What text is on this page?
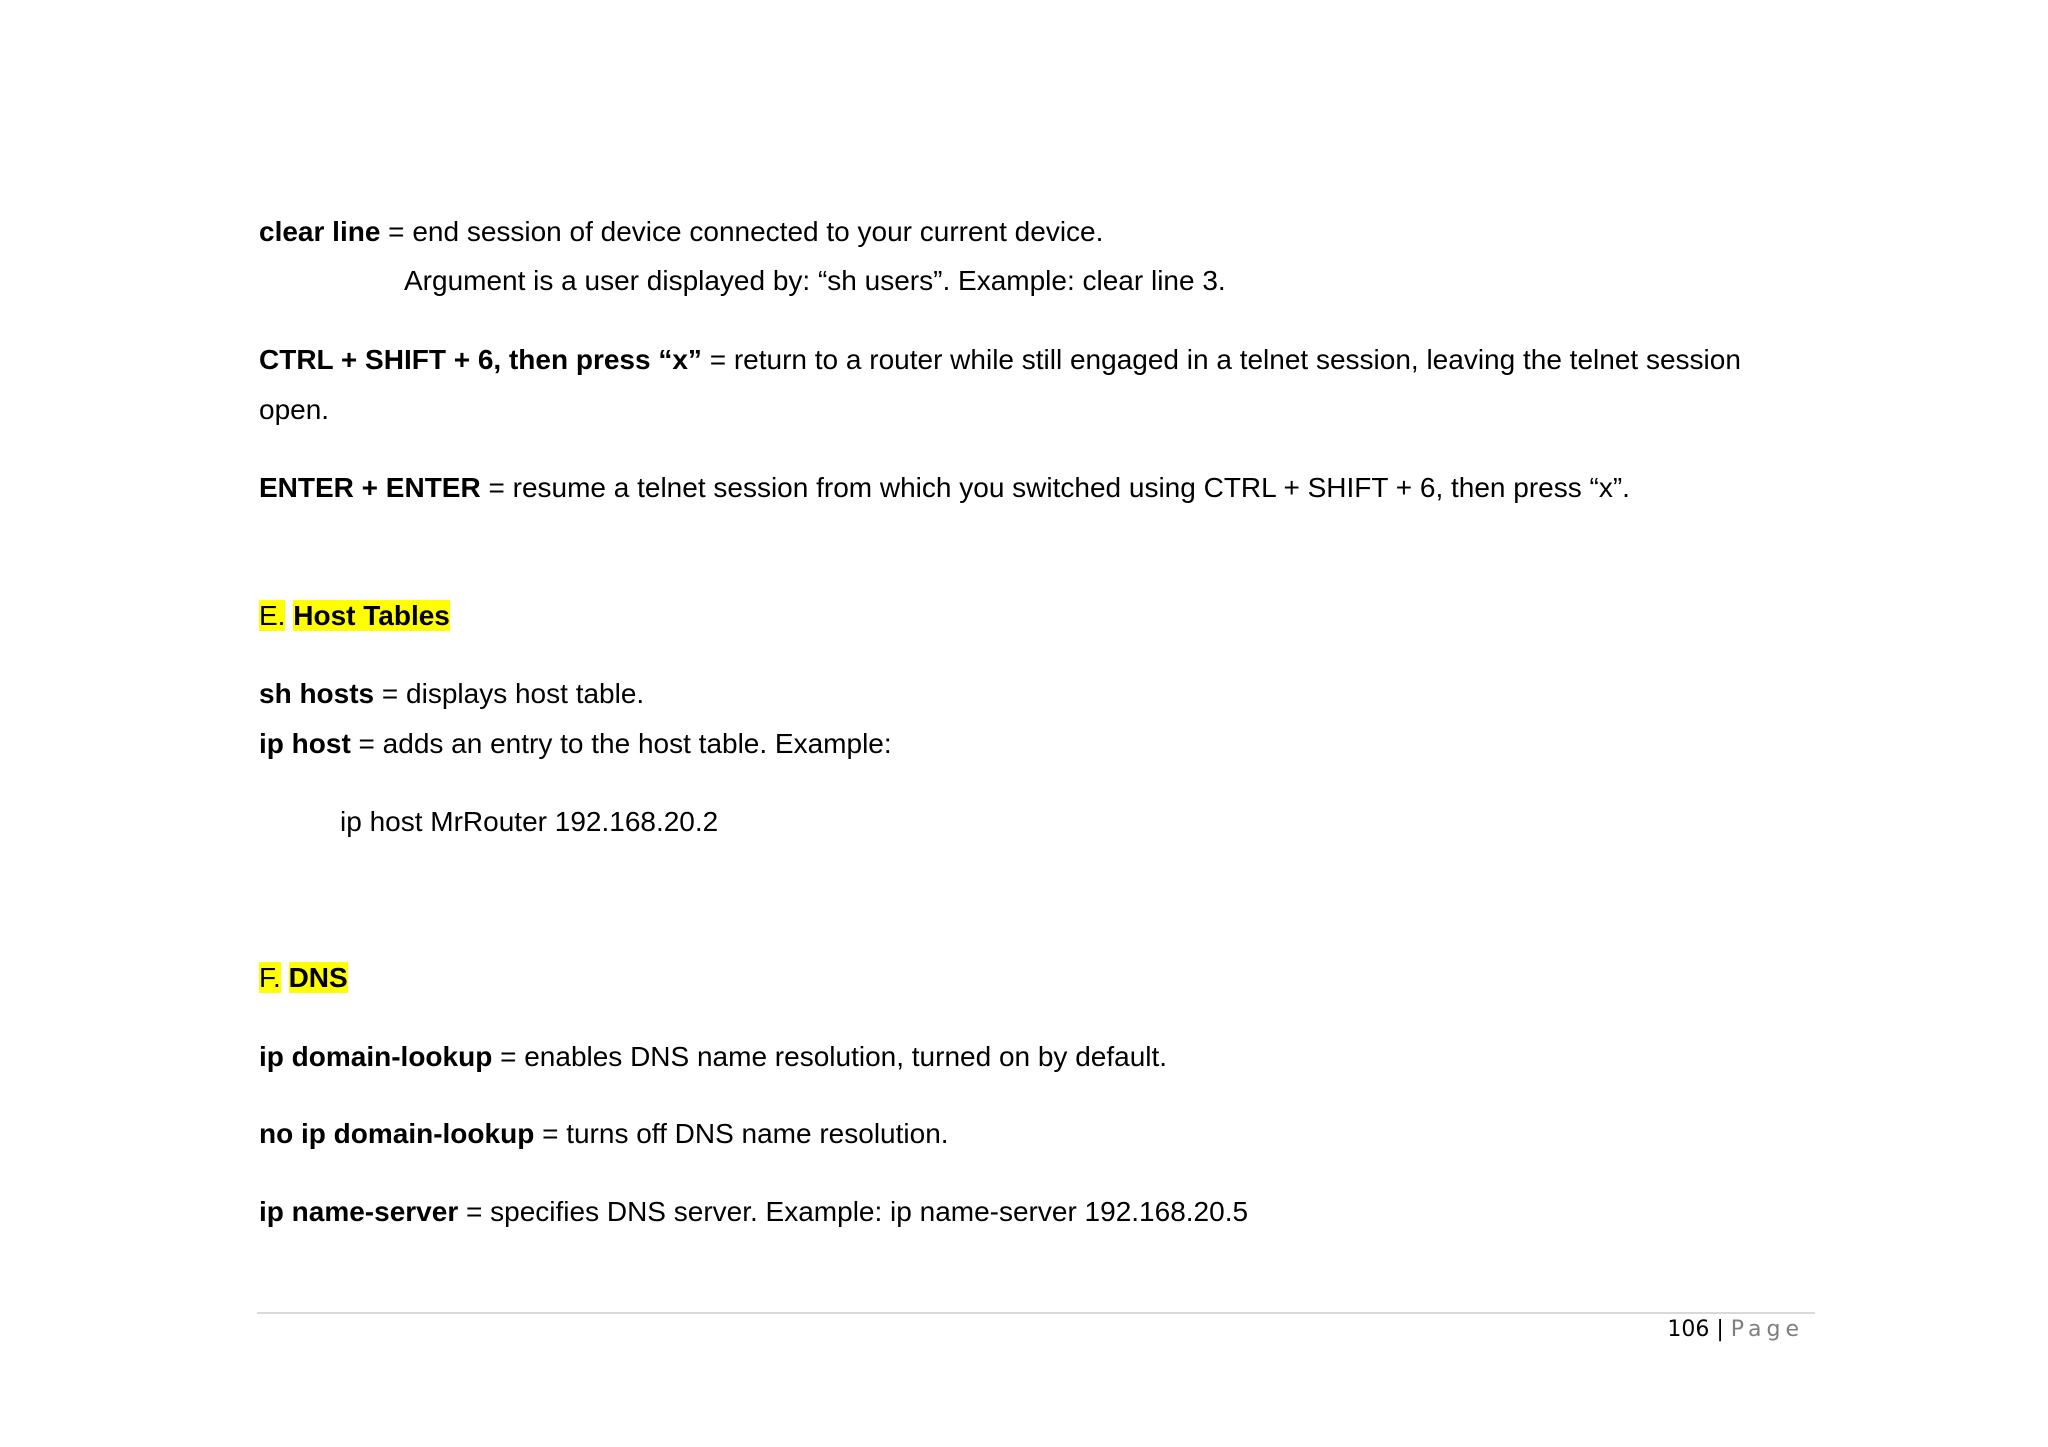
clear line = end session of device connected to your current device.
Argument is a user displayed by: “sh users”. Example: clear line 3.
CTRL + SHIFT + 6, then press “x” = return to a router while still engaged in a telnet session, leaving the telnet session
open.
ENTER + ENTER = resume a telnet session from which you switched using CTRL + SHIFT + 6, then press “x”.
E. Host Tables
sh hosts = displays host table.
ip host = adds an entry to the host table. Example:
ip host MrRouter 192.168.20.2
F. DNS
ip domain-lookup = enables DNS name resolution, turned on by default.
no ip domain-lookup = turns off DNS name resolution.
ip name-server = specifies DNS server. Example: ip name-server 192.168.20.5
106 | Page
